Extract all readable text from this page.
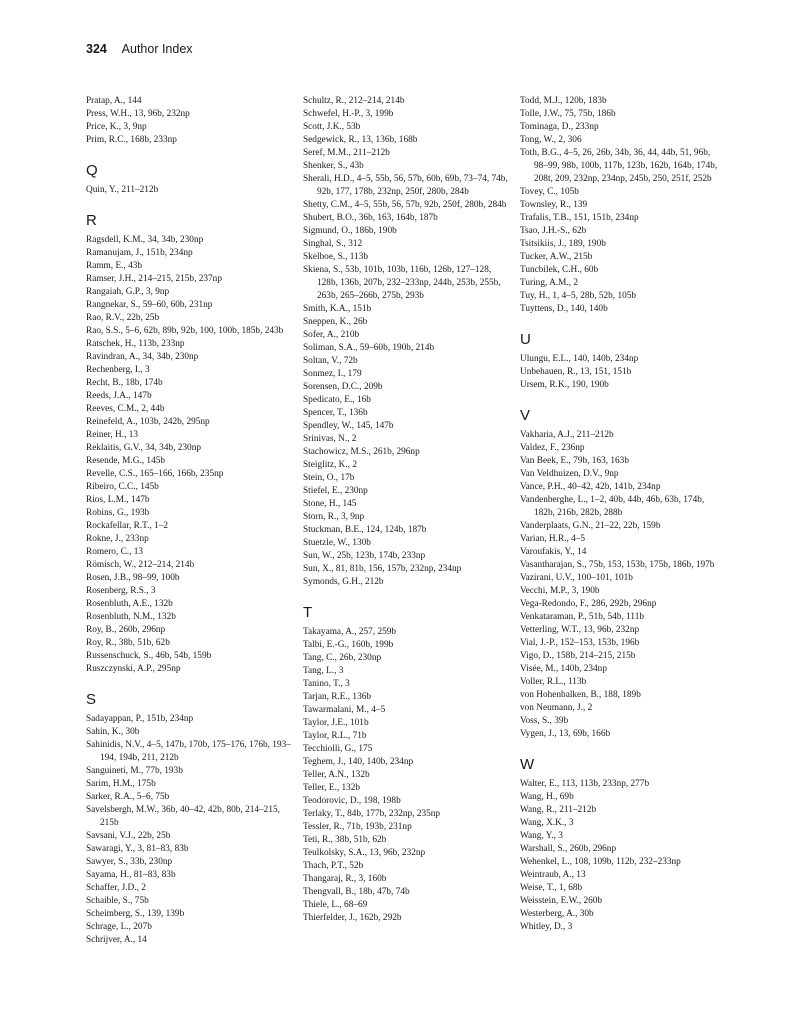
324 Author Index
Pratap, A., 144
Press, W.H., 13, 96b, 232np
Price, K., 3, 9np
Prim, R.C., 168b, 233np
Q
Quin, Y., 211–212b
R
Ragsdell, K.M., 34, 34b, 230np
Ramanujam, J., 151b, 234np
Ramm, E., 43b
Ramser, J.H., 214–215, 215b, 237np
Rangaiah, G.P., 3, 9np
Rangnekar, S., 59–60, 60b, 231np
Rao, R.V., 22b, 25b
Rao, S.S., 5–6, 62b, 89b, 92b, 100, 100b, 185b, 243b
Ratschek, H., 113b, 233np
Ravindran, A., 34, 34b, 230np
Rechenberg, I., 3
Recht, B., 18b, 174b
Reeds, J.A., 147b
Reeves, C.M., 2, 44b
Reinefeld, A., 103b, 242b, 295np
Reiner, H., 13
Reklaitis, G.V., 34, 34b, 230np
Resende, M.G., 145b
Revelle, C.S., 165–166, 166b, 235np
Ribeiro, C.C., 145b
Rios, L.M., 147b
Robins, G., 193b
Rockafellar, R.T., 1–2
Rokne, J., 233np
Romero, C., 13
Römisch, W., 212–214, 214b
Rosen, J.B., 98–99, 100b
Rosenberg, R.S., 3
Rosenbluth, A.E., 132b
Rosenbluth, N.M., 132b
Roy, B., 260b, 296np
Roy, R., 38b, 51b, 62b
Russenschuck, S., 46b, 54b, 159b
Ruszczynski, A.P., 295np
S
Sadayappan, P., 151b, 234np
Sahin, K., 30b
Sahinidis, N.V., 4–5, 147b, 170b, 175–176, 176b, 193–194, 194b, 211, 212b
Sanguineti, M., 77b, 193b
Sarim, H.M., 175b
Sarker, R.A., 5–6, 75b
Savelsbergh, M.W., 36b, 40–42, 42b, 80b, 214–215, 215b
Savsani, V.J., 22b, 25b
Sawaragi, Y., 3, 81–83, 83b
Sawyer, S., 33b, 230np
Sayama, H., 81–83, 83b
Schaffer, J.D., 2
Schaible, S., 75b
Scheimberg, S., 139, 139b
Schrage, L., 207b
Schrijver, A., 14
Schultz, R., 212–214, 214b
Schwefel, H.-P., 3, 199b
Scott, J.K., 53b
Sedgewick, R., 13, 136b, 168b
Seref, M.M., 211–212b
Shenker, S., 43b
Sherali, H.D., 4–5, 55b, 56, 57b, 60b, 69b, 73–74, 74b, 92b, 177, 178b, 232np, 250f, 280b, 284b
Shetty, C.M., 4–5, 55b, 56, 57b, 92b, 250f, 280b, 284b
Shubert, B.O., 36b, 163, 164b, 187b
Sigmund, O., 186b, 190b
Singhal, S., 312
Skelboe, S., 113b
Skiena, S., 53b, 101b, 103b, 116b, 126b, 127–128, 128b, 136b, 207b, 232–233np, 244b, 253b, 255b, 263b, 265–266b, 275b, 293b
Smith, K.A., 151b
Sneppen, K., 26b
Sofer, A., 210b
Soliman, S.A., 59–60b, 190b, 214b
Soltan, V., 72b
Sonmez, I., 179
Sorensen, D.C., 209b
Spedicato, E., 16b
Spencer, T., 136b
Spendley, W., 145, 147b
Srinivas, N., 2
Stachowicz, M.S., 261b, 296np
Steiglitz, K., 2
Stein, O., 17b
Stiefel, E., 230np
Stone, H., 145
Storn, R., 3, 9np
Stuckman, B.E., 124, 124b, 187b
Stuetzle, W., 130b
Sun, W., 25b, 123b, 174b, 233np
Sun, X., 81, 81b, 156, 157b, 232np, 234np
Symonds, G.H., 212b
T
Takayama, A., 257, 259b
Talbi, E.-G., 160b, 199b
Tang, C., 26b, 230np
Tang, L., 3
Tanino, T., 3
Tarjan, R.E., 136b
Tawarmalani, M., 4–5
Taylor, J.E., 101b
Taylor, R.L., 71b
Tecchiolli, G., 175
Teghem, J., 140, 140b, 234np
Teller, A.N., 132b
Teller, E., 132b
Teodorovic, D., 198, 198b
Terlaky, T., 84b, 177b, 232np, 235np
Tessler, R., 71b, 193b, 231np
Teti, R., 38b, 51b, 62b
Teulkolsky, S.A., 13, 96b, 232np
Thach, P.T., 52b
Thangaraj, R., 3, 160b
Thengvall, B., 18b, 47b, 74b
Thiele, L., 68–69
Thierfelder, J., 162b, 292b
Todd, M.J., 120b, 183b
Tolle, J.W., 75, 75b, 186b
Tominaga, D., 233np
Tong, W., 2, 306
Toth, B.G., 4–5, 26, 26b, 34b, 36, 44, 44b, 51, 96b, 98–99, 98b, 100b, 117b, 123b, 162b, 164b, 174b, 208t, 209, 232np, 234np, 245b, 250, 251f, 252b
Tovey, C., 105b
Townsley, R., 139
Trafalis, T.B., 151, 151b, 234np
Tsao, J.H.-S., 62b
Tsitsikiis, J., 189, 190b
Tucker, A.W., 215b
Tuncbilek, C.H., 60b
Turing, A.M., 2
Tuy, H., 1, 4–5, 28b, 52b, 105b
Tuyttens, D., 140, 140b
U
Ulungu, E.L., 140, 140b, 234np
Unbehauen, R., 13, 151, 151b
Ursem, R.K., 190, 190b
V
Vakharia, A.J., 211–212b
Valdez, F., 236np
Van Beek, E., 79b, 163, 163b
Van Veldhuizen, D.V., 9np
Vance, P.H., 40–42, 42b, 141b, 234np
Vandenberghe, L., 1–2, 40b, 44b, 46b, 63b, 174b, 182b, 216b, 282b, 288b
Vanderplaats, G.N., 21–22, 22b, 159b
Varian, H.R., 4–5
Varoufakis, Y., 14
Vasantharajan, S., 75b, 153, 153b, 175b, 186b, 197b
Vazirani, U.V., 100–101, 101b
Vecchi, M.P., 3, 190b
Vega-Redondo, F., 286, 292b, 296np
Venkataraman, P., 51b, 54b, 111b
Vetterling, W.T., 13, 96b, 232np
Vial, J.-P., 152–153, 153b, 196b
Vigo, D., 158b, 214–215, 215b
Visée, M., 140b, 234np
Voller, R.L., 113b
von Hohenbalken, B., 188, 189b
von Neumann, J., 2
Voss, S., 39b
Vygen, J., 13, 69b, 166b
W
Walter, E., 113, 113b, 233np, 277b
Wang, H., 69b
Wang, R., 211–212b
Wang, X.K., 3
Wang, Y., 3
Warshall, S., 260b, 296np
Wehenkel, L., 108, 109b, 112b, 232–233np
Weintraub, A., 13
Weise, T., 1, 68b
Weisstein, E.W., 260b
Westerberg, A., 30b
Whitley, D., 3
